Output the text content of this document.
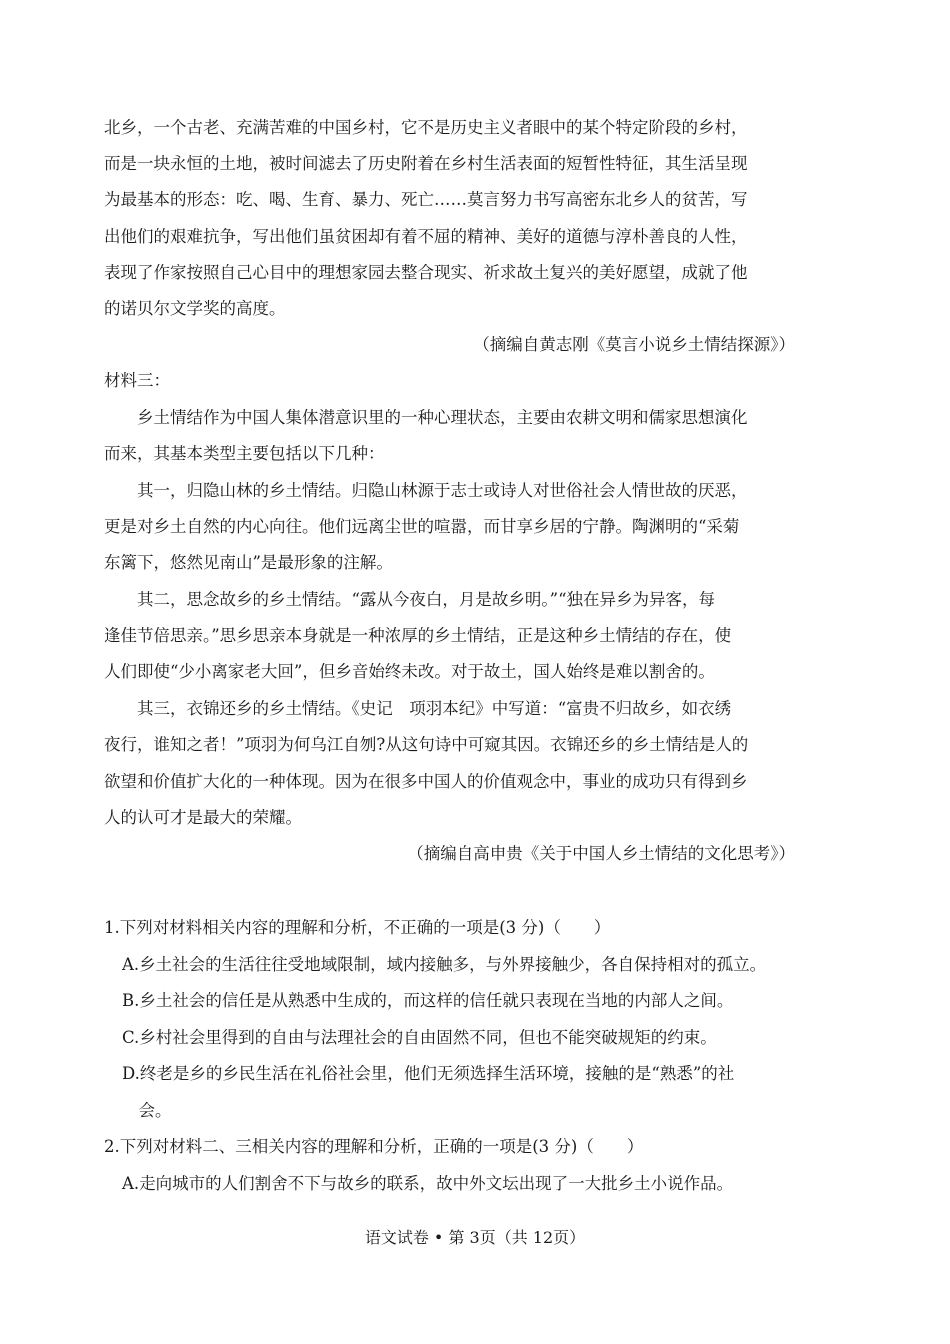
北乡，一个古老、充满苦难的中国乡村，它不是历史主义者眼中的某个特定阶段的乡村，
而是一块永恒的土地，被时间滤去了历史附着在乡村生活表面的短暂性特征，其生活呈现
为最基本的形态：吃、喝、生育、暴力、死亡……莫言努力书写高密东北乡人的贫苦，写
出他们的艰难抗争，写出他们虽贫困却有着不屈的精神、美好的道德与淳朴善良的人性，
表现了作家按照自己心目中的理想家园去整合现实、祈求故土复兴的美好愿望，成就了他
的诺贝尔文学奖的高度。
（摘编自黄志刚《莫言小说乡土情结探源》）
材料三：
　　乡土情结作为中国人集体潜意识里的一种心理状态，主要由农耕文明和儒家思想演化
而来，其基本类型主要包括以下几种：
　　其一，归隐山林的乡土情结。归隐山林源于志士或诗人对世俗社会人情世故的厌恶，
更是对乡土自然的内心向往。他们远离尘世的喧嚣，而甘享乡居的宁静。陶渊明的“采菊
东篱下，悠然见南山”是最形象的注解。
　　其二，思念故乡的乡土情结。“露从今夜白，月是故乡明。”“独在异乡为异客，每
逢佳节倍思亲。”思乡思亲本身就是一种浓厚的乡土情结，正是这种乡土情结的存在，使
人们即使“少小离家老大回”，但乡音始终未改。对于故土，国人始终是难以割舍的。
　　其三，衣锦还乡的乡土情结。《史记　项羽本纪》中写道：“富贵不归故乡，如衣绣
夜行，谁知之者！”项羽为何乌江自刎?从这句诗中可窥其因。衣锦还乡的乡土情结是人的
欲望和价值扩大化的一种体现。因为在很多中国人的价值观念中，事业的成功只有得到乡
人的认可才是最大的荣耀。
（摘编自高申贵《关于中国人乡土情结的文化思考》）
1.下列对材料相关内容的理解和分析，不正确的一项是(3 分)（　　）
A.乡土社会的生活往往受地域限制，域内接触多，与外界接触少，各自保持相对的孤立。
B.乡土社会的信任是从熟悉中生成的，而这样的信任就只表现在当地的内部人之间。
C.乡村社会里得到的自由与法理社会的自由固然不同，但也不能突破规矩的约束。
D.终老是乡的乡民生活在礼俗社会里，他们无须选择生活环境，接触的是“熟悉”的社
　会。
2.下列对材料二、三相关内容的理解和分析，正确的一项是(3 分)（　　）
A.走向城市的人们割舍不下与故乡的联系，故中外文坛出现了一大批乡土小说作品。
语文试卷 • 第 3页（共 12页）
